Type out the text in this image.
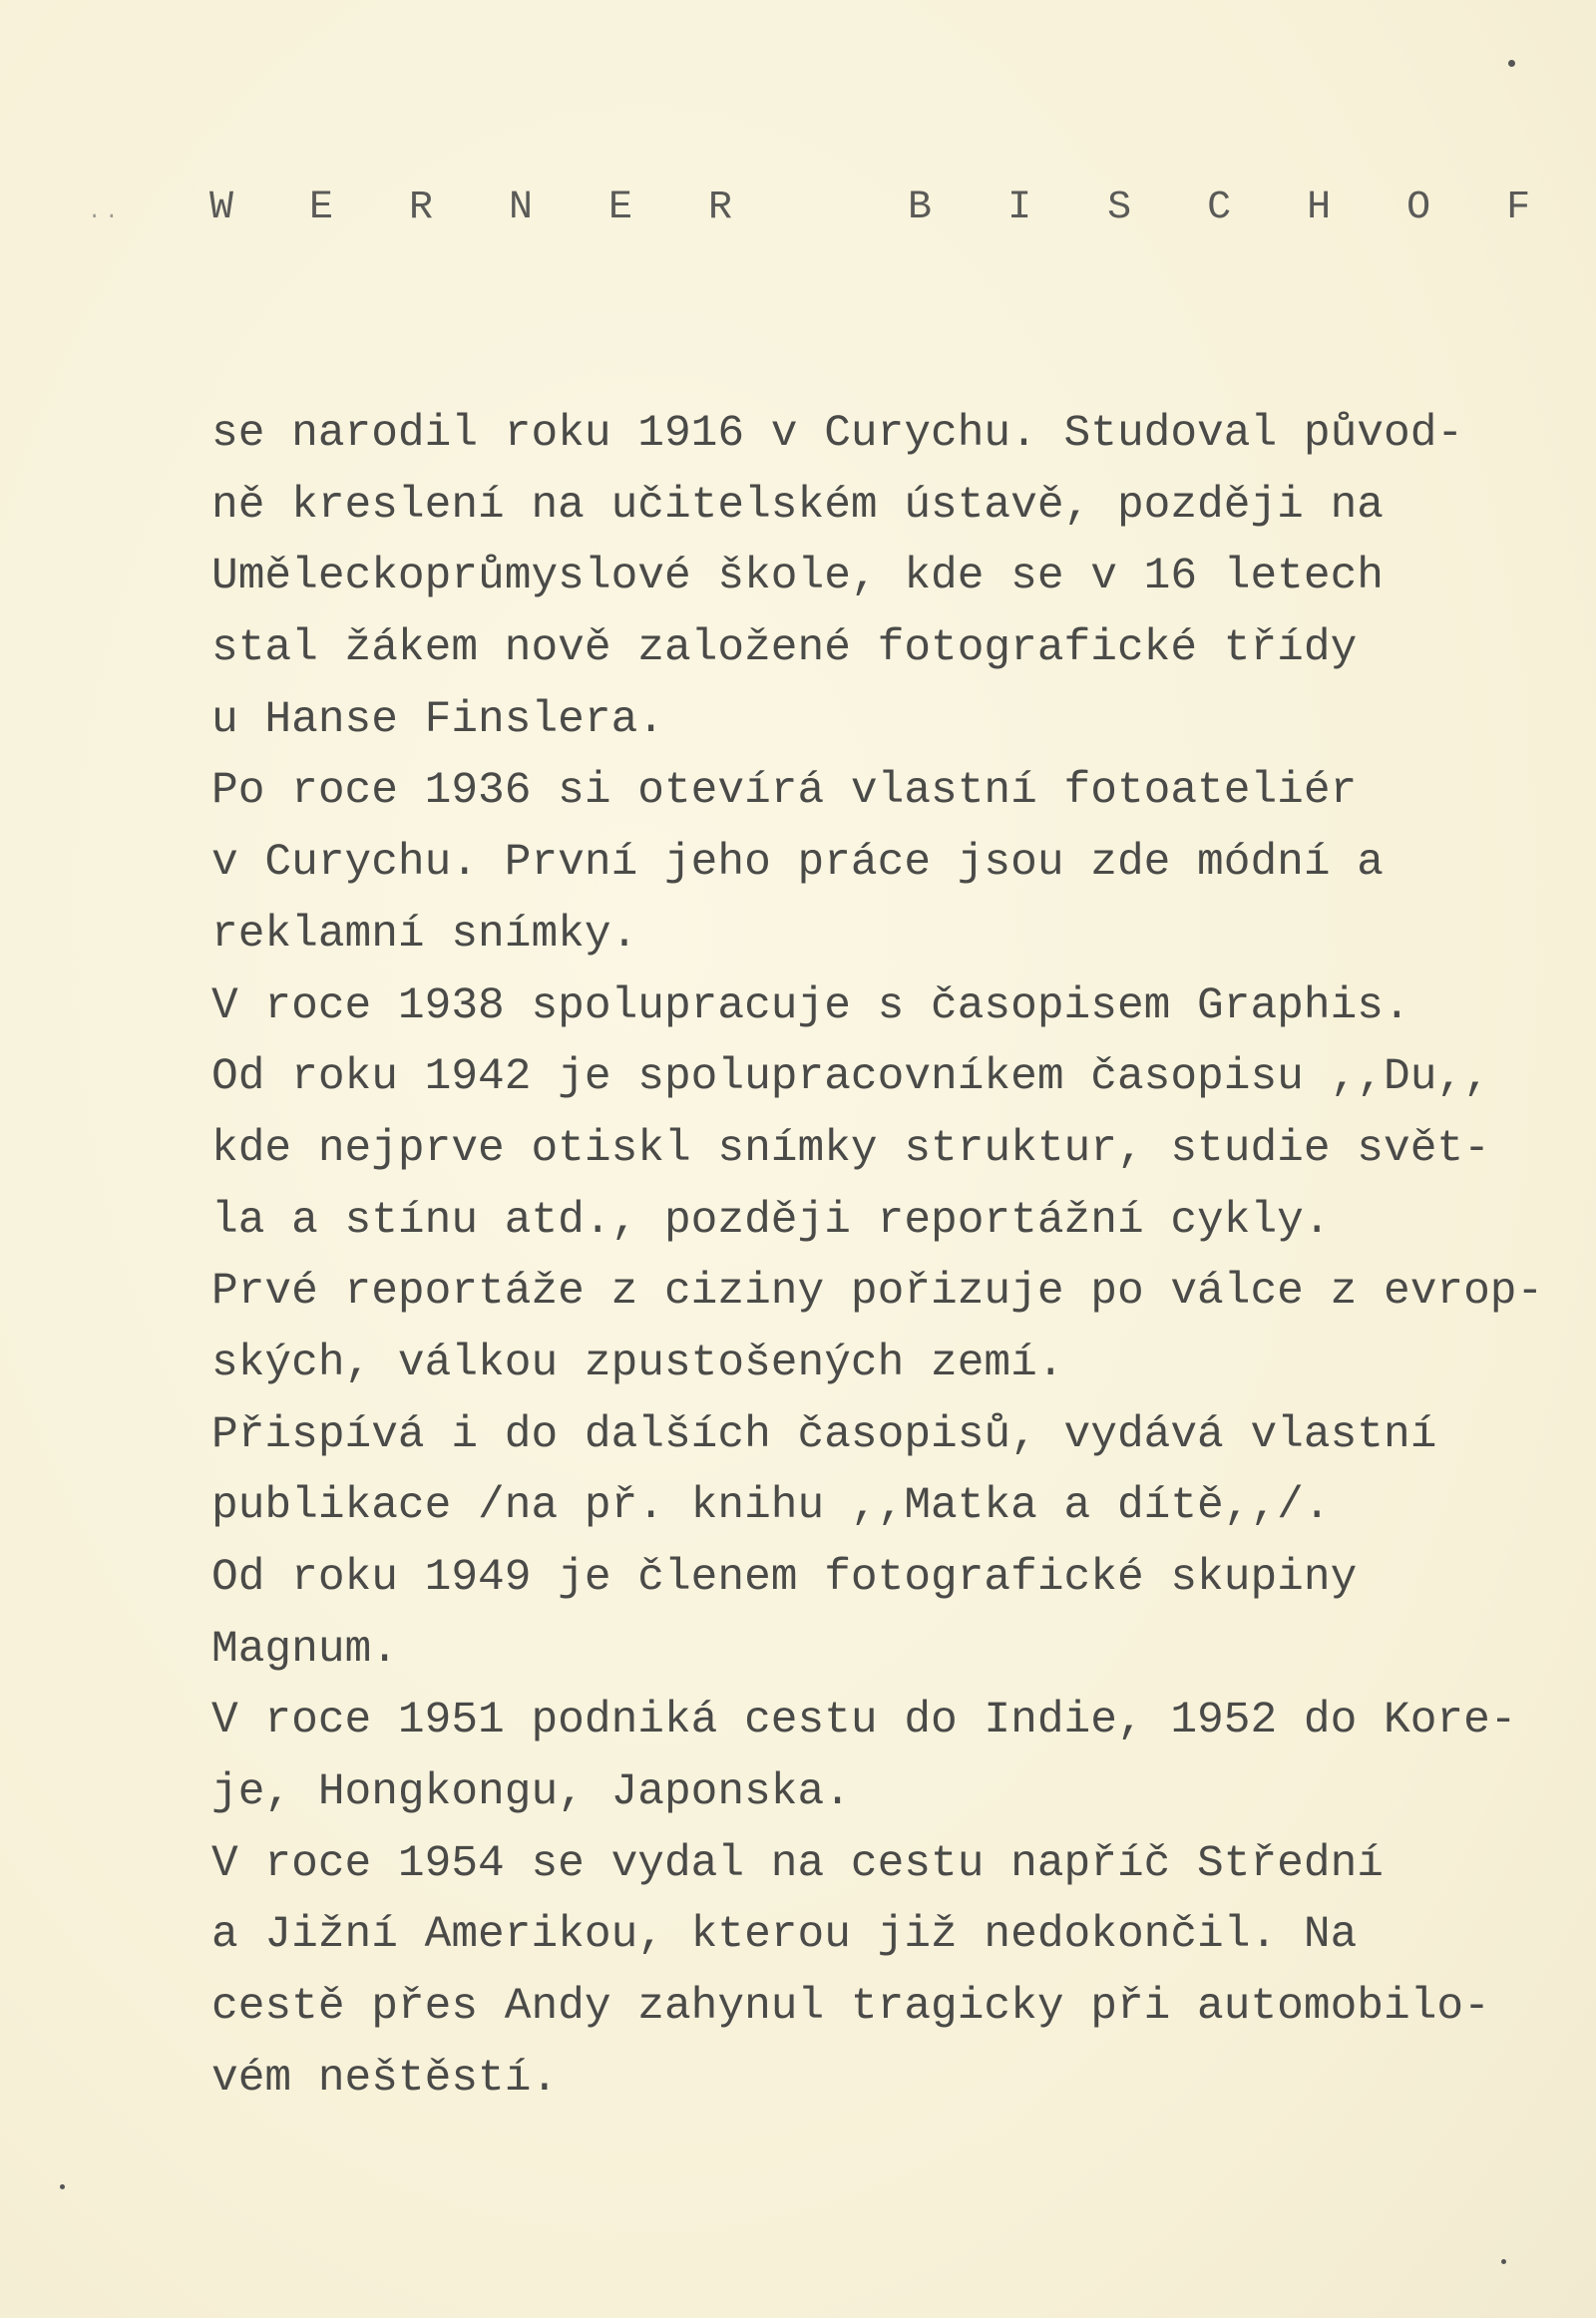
.. W E R N E R   B I S C H O F
se narodil roku 1916 v Curychu. Studoval původ-
ně kreslení na učitelském ústavě, později na
Uměleckoprůmyslové škole, kde se v 16 letech
stal žákem nově založené fotografické třídy
u Hanse Finslera.
Po roce 1936 si otevírá vlastní fotoateliér
v Curychu. První jeho práce jsou zde módní a
reklamní snímky.
V roce 1938 spolupracuje s časopisem Graphis.
Od roku 1942 je spolupracovníkem časopisu ,,Du,,
kde nejprve otiskl snímky struktur, studie svět-
la a stínu atd., později reportážní cykly.
Prvé reportáže z ciziny pořizuje po válce z evrop-
ských, válkou zpustošených zemí.
Přispívá i do dalších časopisů, vydává vlastní
publikace /na př. knihu ,,Matka a dítě,,/.
Od roku 1949 je členem fotografické skupiny
Magnum.
V roce 1951 podniká cestu do Indie, 1952 do Kore-
je, Hongkongu, Japonska.
V roce 1954 se vydal na cestu napříč Střední
a Jižní Amerikou, kterou již nedokončil. Na
cestě přes Andy zahynul tragicky při automobilo-
vém neštěstí.
